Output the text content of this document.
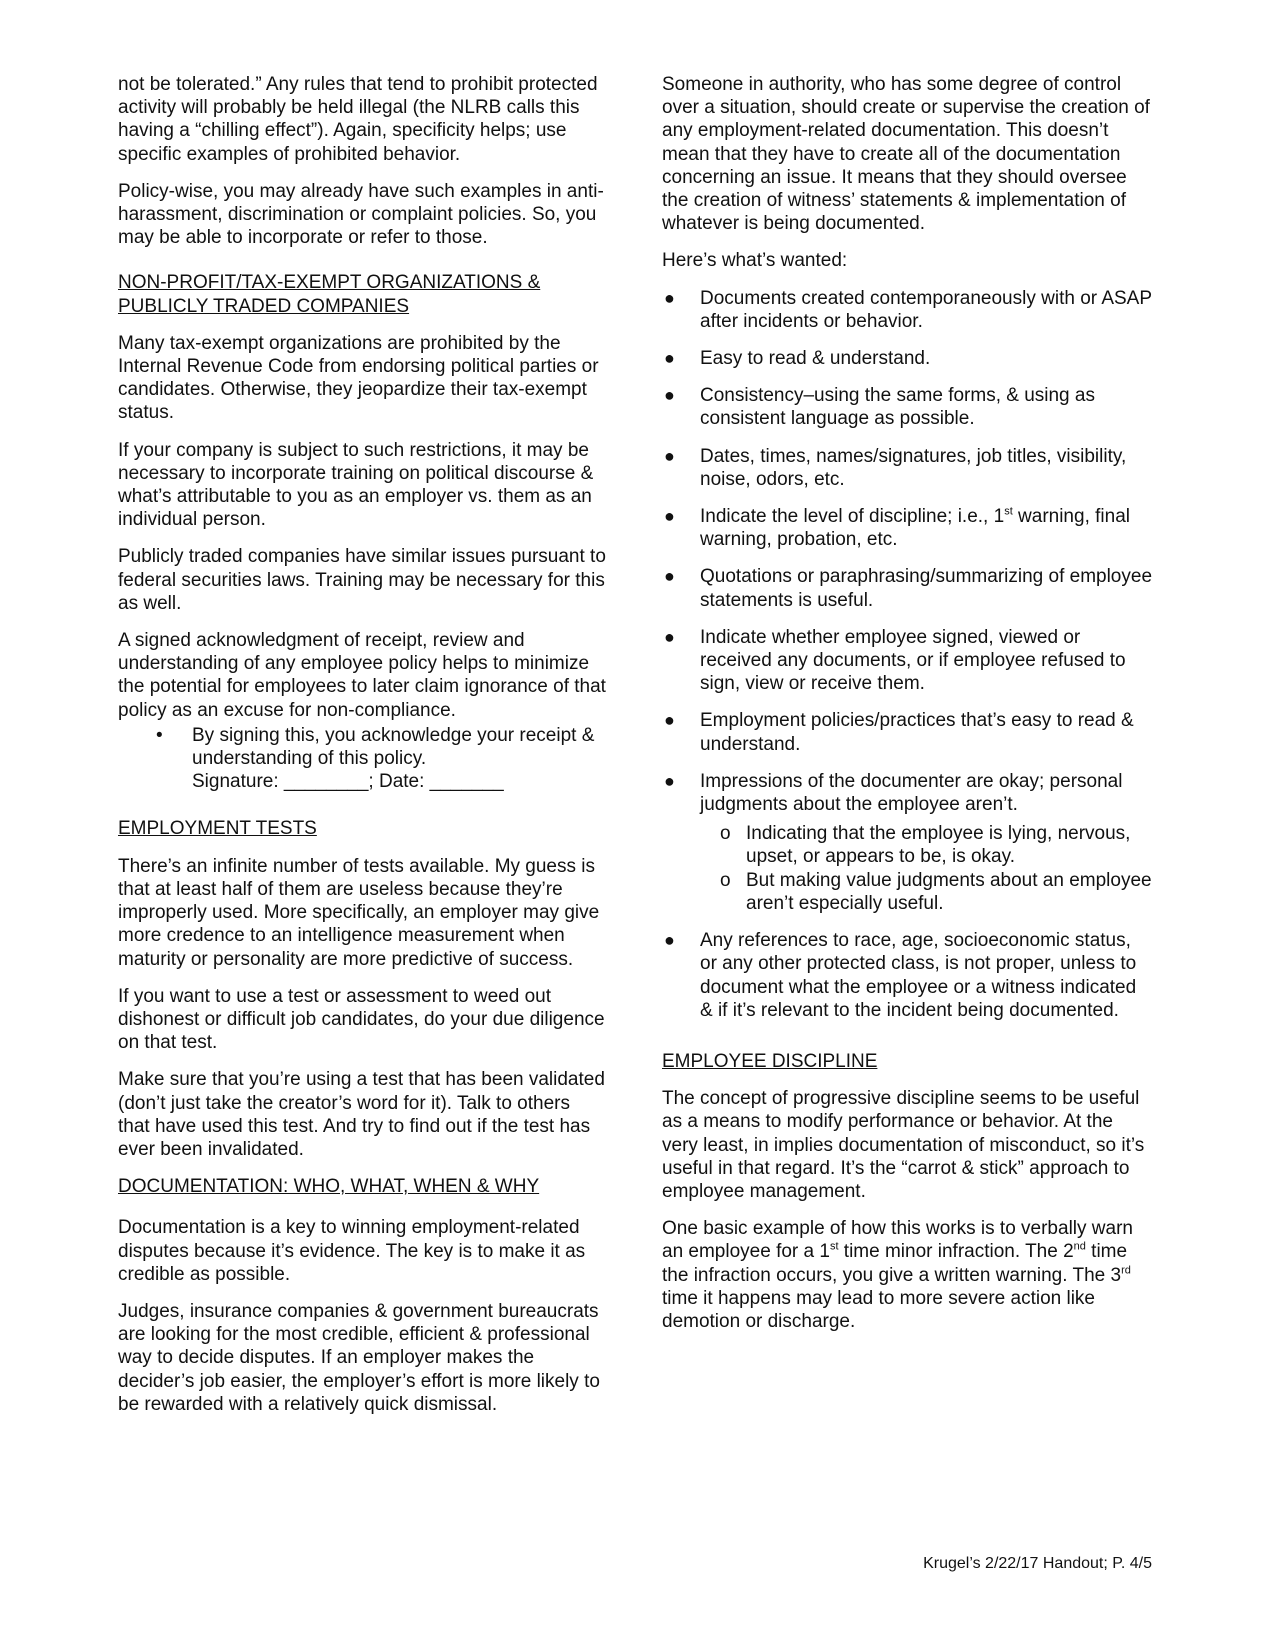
not be tolerated.” Any rules that tend to prohibit protected activity will probably be held illegal (the NLRB calls this having a “chilling effect”). Again, specificity helps; use specific examples of prohibited behavior.

Policy-wise, you may already have such examples in anti-harassment, discrimination or complaint policies. So, you may be able to incorporate or refer to those.

NON-PROFIT/TAX-EXEMPT ORGANIZATIONS & PUBLICLY TRADED COMPANIES

Many tax-exempt organizations are prohibited by the Internal Revenue Code from endorsing political parties or candidates. Otherwise, they jeopardize their tax-exempt status.

If your company is subject to such restrictions, it may be necessary to incorporate training on political discourse & what’s attributable to you as an employer vs. them as an individual person.

Publicly traded companies have similar issues pursuant to federal securities laws. Training may be necessary for this as well.

A signed acknowledgment of receipt, review and understanding of any employee policy helps to minimize the potential for employees to later claim ignorance of that policy as an excuse for non-compliance.

• By signing this, you acknowledge your receipt & understanding of this policy.
Signature: ________; Date: _______
EMPLOYMENT TESTS

There’s an infinite number of tests available. My guess is that at least half of them are useless because they’re improperly used. More specifically, an employer may give more credence to an intelligence measurement when maturity or personality are more predictive of success.

If you want to use a test or assessment to weed out dishonest or difficult job candidates, do your due diligence on that test.

Make sure that you’re using a test that has been validated (don’t just take the creator’s word for it). Talk to others that have used this test. And try to find out if the test has ever been invalidated.

DOCUMENTATION: WHO, WHAT, WHEN & WHY

Documentation is a key to winning employment-related disputes because it’s evidence. The key is to make it as credible as possible.

Judges, insurance companies & government bureaucrats are looking for the most credible, efficient & professional way to decide disputes. If an employer makes the decider’s job easier, the employer’s effort is more likely to be rewarded with a relatively quick dismissal.

Someone in authority, who has some degree of control over a situation, should create or supervise the creation of any employment-related documentation. This doesn’t mean that they have to create all of the documentation concerning an issue. It means that they should oversee the creation of witness’ statements & implementation of whatever is being documented.

Here’s what’s wanted:

● Documents created contemporaneously with or ASAP after incidents or behavior.
● Easy to read & understand.
● Consistency–using the same forms, & using as consistent language as possible.
● Dates, times, names/signatures, job titles, visibility, noise, odors, etc.
● Indicate the level of discipline; i.e., 1st warning, final warning, probation, etc.
● Quotations or paraphrasing/summarizing of employee statements is useful.
● Indicate whether employee signed, viewed or received any documents, or if employee refused to sign, view or receive them.
● Employment policies/practices that’s easy to read & understand.
● Impressions of the documenter are okay; personal judgments about the employee aren’t.
o Indicating that the employee is lying, nervous, upset, or appears to be, is okay.
o But making value judgments about an employee aren’t especially useful.
● Any references to race, age, socioeconomic status, or any other protected class, is not proper, unless to document what the employee or a witness indicated & if it’s relevant to the incident being documented.
EMPLOYEE DISCIPLINE

The concept of progressive discipline seems to be useful as a means to modify performance or behavior. At the very least, in implies documentation of misconduct, so it’s useful in that regard. It’s the “carrot & stick” approach to employee management.

One basic example of how this works is to verbally warn an employee for a 1st time minor infraction. The 2nd time the infraction occurs, you give a written warning. The 3rd time it happens may lead to more severe action like demotion or discharge.

Krugel’s 2/22/17 Handout; P. 4/5
